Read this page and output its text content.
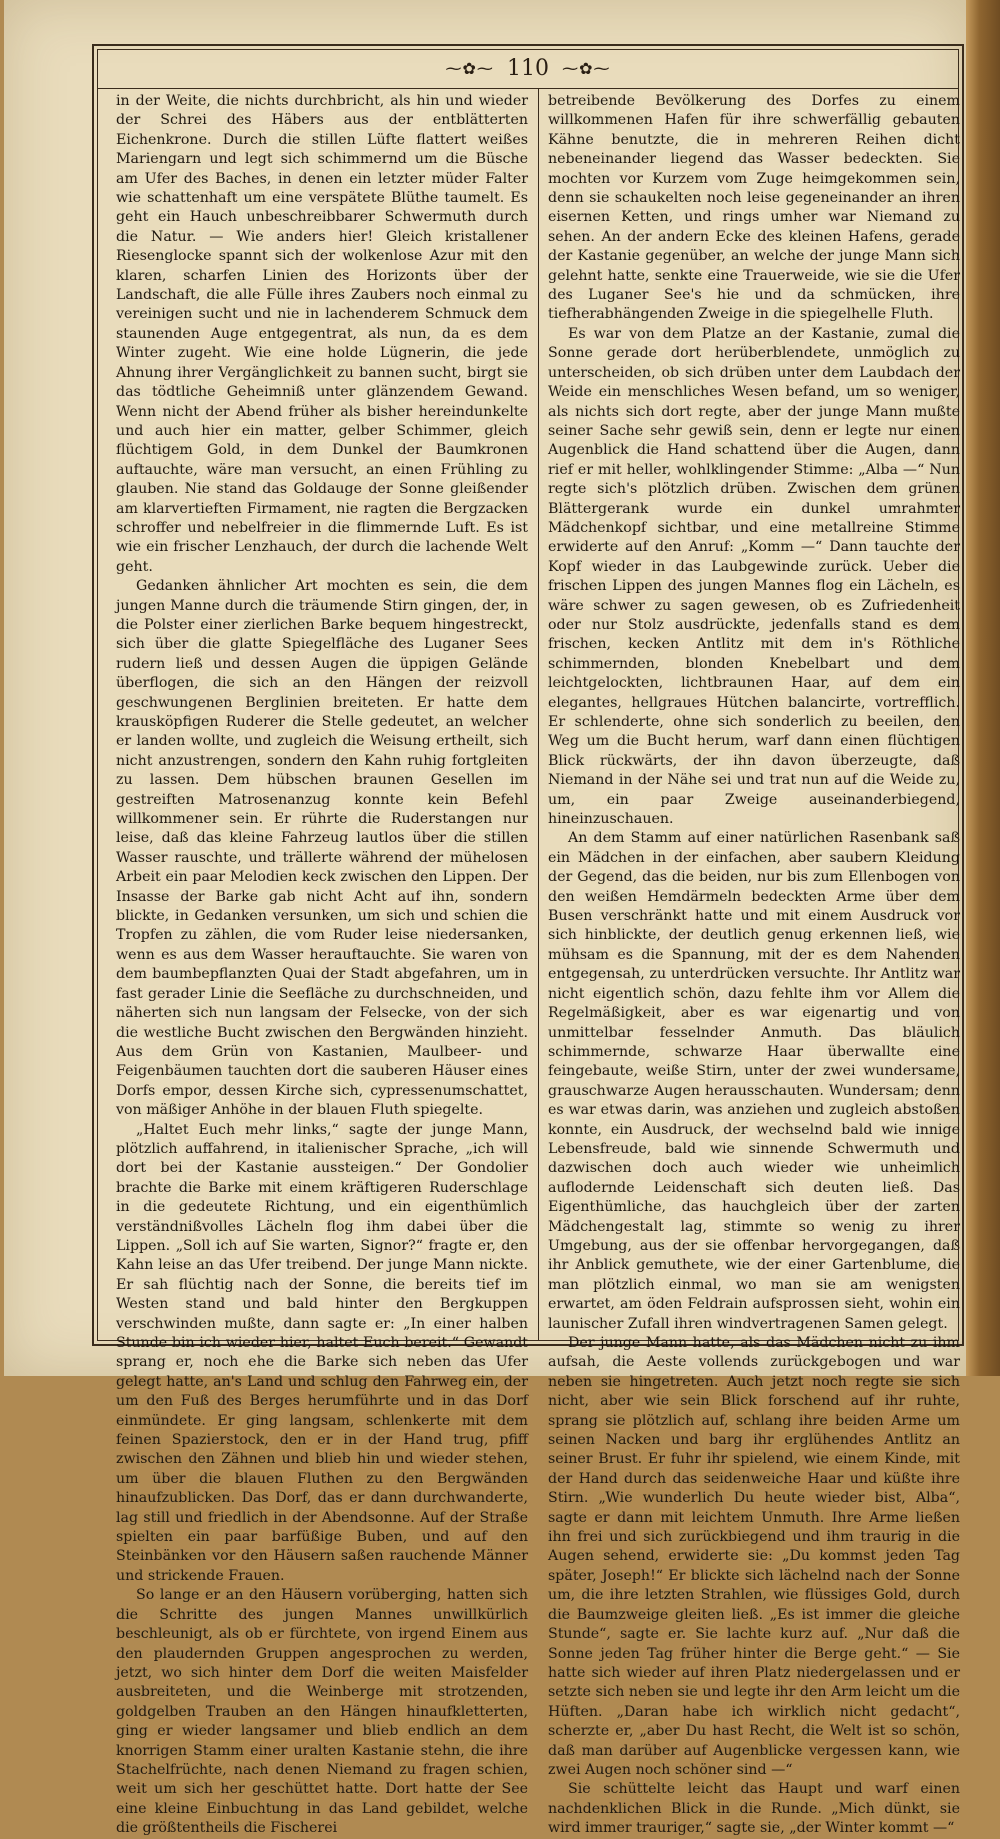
⁓✿⁓ 110 ⁓✿⁓

in der Weite, die nichts durchbricht, als hin und wieder der Schrei des Häbers aus der entblätterten Eichenkrone. Durch die stillen Lüfte flattert weißes Mariengarn und legt sich schimmernd um die Büsche am Ufer des Baches, in denen ein letzter müder Falter wie schattenhaft um eine verspätete Blüthe taumelt. Es geht ein Hauch unbeschreibbarer Schwermuth durch die Natur. — Wie anders hier! Gleich kristallener Riesenglocke spannt sich der wolkenlose Azur mit den klaren, scharfen Linien des Horizonts über der Landschaft, die alle Fülle ihres Zaubers noch einmal zu vereinigen sucht und nie in lachenderem Schmuck dem staunenden Auge entgegentrat, als nun, da es dem Winter zugeht. Wie eine holde Lügnerin, die jede Ahnung ihrer Vergänglichkeit zu bannen sucht, birgt sie das tödtliche Geheimniß unter glänzendem Gewand. Wenn nicht der Abend früher als bisher hereindunkelte und auch hier ein matter, gelber Schimmer, gleich flüchtigem Gold, in dem Dunkel der Baumkronen auftauchte, wäre man versucht, an einen Frühling zu glauben. Nie stand das Goldauge der Sonne gleißender am klarvertieften Firmament, nie ragten die Bergzacken schroffer und nebelfreier in die flimmernde Luft. Es ist wie ein frischer Lenzhauch, der durch die lachende Welt geht.

Gedanken ähnlicher Art mochten es sein, die dem jungen Manne durch die träumende Stirn gingen, der, in die Polster einer zierlichen Barke bequem hingestreckt, sich über die glatte Spiegelfläche des Luganer Sees rudern ließ und dessen Augen die üppigen Gelände überflogen, die sich an den Hängen der reizvoll geschwungenen Berglinien breiteten. Er hatte dem krausköpfigen Ruderer die Stelle gedeutet, an welcher er landen wollte, und zugleich die Weisung ertheilt, sich nicht anzustrengen, sondern den Kahn ruhig fortgleiten zu lassen. Dem hübschen braunen Gesellen im gestreiften Matrosenanzug konnte kein Befehl willkommener sein. Er rührte die Ruderstangen nur leise, daß das kleine Fahrzeug lautlos über die stillen Wasser rauschte, und trällerte während der mühelosen Arbeit ein paar Melodien keck zwischen den Lippen. Der Insasse der Barke gab nicht Acht auf ihn, sondern blickte, in Gedanken versunken, um sich und schien die Tropfen zu zählen, die vom Ruder leise niedersanken, wenn es aus dem Wasser herauftauchte. Sie waren von dem baumbepflanzten Quai der Stadt abgefahren, um in fast gerader Linie die Seefläche zu durchschneiden, und näherten sich nun langsam der Felsecke, von der sich die westliche Bucht zwischen den Bergwänden hinzieht. Aus dem Grün von Kastanien, Maulbeer- und Feigenbäumen tauchten dort die sauberen Häuser eines Dorfs empor, dessen Kirche sich, cypressenumschattet, von mäßiger Anhöhe in der blauen Fluth spiegelte.

„Haltet Euch mehr links,“ sagte der junge Mann, plötzlich auffahrend, in italienischer Sprache, „ich will dort bei der Kastanie aussteigen.“ Der Gondolier brachte die Barke mit einem kräftigeren Ruderschlage in die gedeutete Richtung, und ein eigenthümlich verständnißvolles Lächeln flog ihm dabei über die Lippen. „Soll ich auf Sie warten, Signor?“ fragte er, den Kahn leise an das Ufer treibend. Der junge Mann nickte. Er sah flüchtig nach der Sonne, die bereits tief im Westen stand und bald hinter den Bergkuppen verschwinden mußte, dann sagte er: „In einer halben Stunde bin ich wieder hier, haltet Euch bereit.“ Gewandt sprang er, noch ehe die Barke sich neben das Ufer gelegt hatte, an's Land und schlug den Fahrweg ein, der um den Fuß des Berges herumführte und in das Dorf einmündete. Er ging langsam, schlenkerte mit dem feinen Spazierstock, den er in der Hand trug, pfiff zwischen den Zähnen und blieb hin und wieder stehen, um über die blauen Fluthen zu den Bergwänden hinaufzublicken. Das Dorf, das er dann durchwanderte, lag still und friedlich in der Abendsonne. Auf der Straße spielten ein paar barfüßige Buben, und auf den Steinbänken vor den Häusern saßen rauchende Männer und strickende Frauen.

So lange er an den Häusern vorüberging, hatten sich die Schritte des jungen Mannes unwillkürlich beschleunigt, als ob er fürchtete, von irgend Einem aus den plaudernden Gruppen angesprochen zu werden, jetzt, wo sich hinter dem Dorf die weiten Maisfelder ausbreiteten, und die Weinberge mit strotzenden, goldgelben Trauben an den Hängen hinaufkletterten, ging er wieder langsamer und blieb endlich an dem knorrigen Stamm einer uralten Kastanie stehn, die ihre Stachelfrüchte, nach denen Niemand zu fragen schien, weit um sich her geschüttet hatte. Dort hatte der See eine kleine Einbuchtung in das Land gebildet, welche die größtentheils die Fischerei

betreibende Bevölkerung des Dorfes zu einem willkommenen Hafen für ihre schwerfällig gebauten Kähne benutzte, die in mehreren Reihen dicht nebeneinander liegend das Wasser bedeckten. Sie mochten vor Kurzem vom Zuge heimgekommen sein, denn sie schaukelten noch leise gegeneinander an ihren eisernen Ketten, und rings umher war Niemand zu sehen. An der andern Ecke des kleinen Hafens, gerade der Kastanie gegenüber, an welche der junge Mann sich gelehnt hatte, senkte eine Trauerweide, wie sie die Ufer des Luganer See's hie und da schmücken, ihre tiefherabhängenden Zweige in die spiegelhelle Fluth.

Es war von dem Platze an der Kastanie, zumal die Sonne gerade dort herüberblendete, unmöglich zu unterscheiden, ob sich drüben unter dem Laubdach der Weide ein menschliches Wesen befand, um so weniger, als nichts sich dort regte, aber der junge Mann mußte seiner Sache sehr gewiß sein, denn er legte nur einen Augenblick die Hand schattend über die Augen, dann rief er mit heller, wohlklingender Stimme: „Alba —“ Nun regte sich's plötzlich drüben. Zwischen dem grünen Blättergerank wurde ein dunkel umrahmter Mädchenkopf sichtbar, und eine metallreine Stimme erwiderte auf den Anruf: „Komm —“ Dann tauchte der Kopf wieder in das Laubgewinde zurück. Ueber die frischen Lippen des jungen Mannes flog ein Lächeln, es wäre schwer zu sagen gewesen, ob es Zufriedenheit oder nur Stolz ausdrückte, jedenfalls stand es dem frischen, kecken Antlitz mit dem in's Röthliche schimmernden, blonden Knebelbart und dem leichtgelockten, lichtbraunen Haar, auf dem ein elegantes, hellgraues Hütchen balancirte, vortrefflich. Er schlenderte, ohne sich sonderlich zu beeilen, den Weg um die Bucht herum, warf dann einen flüchtigen Blick rückwärts, der ihn davon überzeugte, daß Niemand in der Nähe sei und trat nun auf die Weide zu, um, ein paar Zweige auseinanderbiegend, hineinzuschauen.

An dem Stamm auf einer natürlichen Rasenbank saß ein Mädchen in der einfachen, aber saubern Kleidung der Gegend, das die beiden, nur bis zum Ellenbogen von den weißen Hemdärmeln bedeckten Arme über dem Busen verschränkt hatte und mit einem Ausdruck vor sich hinblickte, der deutlich genug erkennen ließ, wie mühsam es die Spannung, mit der es dem Nahenden entgegensah, zu unterdrücken versuchte. Ihr Antlitz war nicht eigentlich schön, dazu fehlte ihm vor Allem die Regelmäßigkeit, aber es war eigenartig und von unmittelbar fesselnder Anmuth. Das bläulich schimmernde, schwarze Haar überwallte eine feingebaute, weiße Stirn, unter der zwei wundersame, grauschwarze Augen herausschauten. Wundersam; denn es war etwas darin, was anziehen und zugleich abstoßen konnte, ein Ausdruck, der wechselnd bald wie innige Lebensfreude, bald wie sinnende Schwermuth und dazwischen doch auch wieder wie unheimlich auflodernde Leidenschaft sich deuten ließ. Das Eigenthümliche, das hauchgleich über der zarten Mädchengestalt lag, stimmte so wenig zu ihrer Umgebung, aus der sie offenbar hervorgegangen, daß ihr Anblick gemuthete, wie der einer Gartenblume, die man plötzlich einmal, wo man sie am wenigsten erwartet, am öden Feldrain aufsprossen sieht, wohin ein launischer Zufall ihren windvertragenen Samen gelegt.

Der junge Mann hatte, als das Mädchen nicht zu ihm aufsah, die Aeste vollends zurückgebogen und war neben sie hingetreten. Auch jetzt noch regte sie sich nicht, aber wie sein Blick forschend auf ihr ruhte, sprang sie plötzlich auf, schlang ihre beiden Arme um seinen Nacken und barg ihr erglühendes Antlitz an seiner Brust. Er fuhr ihr spielend, wie einem Kinde, mit der Hand durch das seidenweiche Haar und küßte ihre Stirn. „Wie wunderlich Du heute wieder bist, Alba“, sagte er dann mit leichtem Unmuth. Ihre Arme ließen ihn frei und sich zurückbiegend und ihm traurig in die Augen sehend, erwiderte sie: „Du kommst jeden Tag später, Joseph!“ Er blickte sich lächelnd nach der Sonne um, die ihre letzten Strahlen, wie flüssiges Gold, durch die Baumzweige gleiten ließ. „Es ist immer die gleiche Stunde“, sagte er. Sie lachte kurz auf. „Nur daß die Sonne jeden Tag früher hinter die Berge geht.“ — Sie hatte sich wieder auf ihren Platz niedergelassen und er setzte sich neben sie und legte ihr den Arm leicht um die Hüften. „Daran habe ich wirklich nicht gedacht“, scherzte er, „aber Du hast Recht, die Welt ist so schön, daß man darüber auf Augenblicke vergessen kann, wie zwei Augen noch schöner sind —“

Sie schüttelte leicht das Haupt und warf einen nachdenklichen Blick in die Runde. „Mich dünkt, sie wird immer trauriger,“ sagte sie, „der Winter kommt —“
